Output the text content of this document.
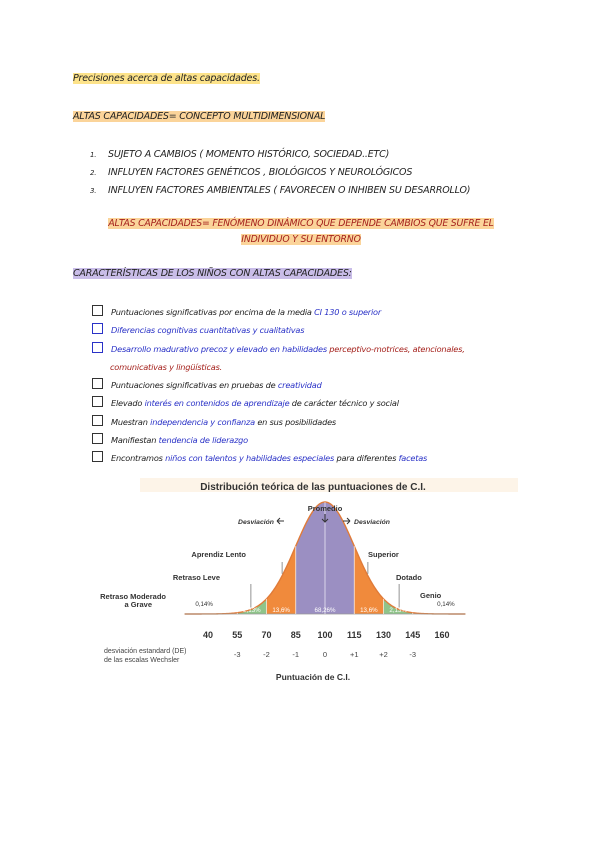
Precisiones acerca de altas capacidades.
ALTAS CAPACIDADES= CONCEPTO MULTIDIMENSIONAL
1. SUJETO A CAMBIOS ( MOMENTO HISTÓRICO, SOCIEDAD..ETC)
2. INFLUYEN FACTORES GENÉTICOS , BIOLÓGICOS Y NEUROLÓGICOS
3. INFLUYEN FACTORES AMBIENTALES ( FAVORECEN O INHIBEN SU DESARROLLO)
ALTAS CAPACIDADES= FENÓMENO DINÁMICO QUE DEPENDE CAMBIOS QUE SUFRE EL
INDIVIDUO Y SU ENTORNO
CARACTERÍSTICAS DE LOS NIÑOS CON ALTAS CAPACIDADES:
Puntuaciones significativas por encima de la media CI 130 o superior
Diferencias cognitivas cuantitativas y cualitativas
Desarrollo madurativo precoz y elevado en habilidades perceptivo-motrices, atencionales,
comunicativas y lingüísticas.
Puntuaciones significativas en pruebas de creatividad
Elevado interés en contenidos de aprendizaje de carácter técnico y social
Muestran independencia y confianza en sus posibilidades
Manifiestan tendencia de liderazgo
Encontramos niños con talentos y habilidades especiales para diferentes facetas
Distribución teórica de las puntuaciones de C.I.
2,13% 13,6%	68,26%	13,6% 2,13%
0,14%	0,14%
40 55 70 85 100 115 130 145 160
-3	-2	-1	0	+1	+2	-3
Retraso Moderado
a Grave
Retraso Leve
Aprendiz Lento
Promedio
Superior
Dotado
Genio
Desviación	Desviación
desviación estandard (DE)
de las escalas Wechsler
Puntuación de C.I.
